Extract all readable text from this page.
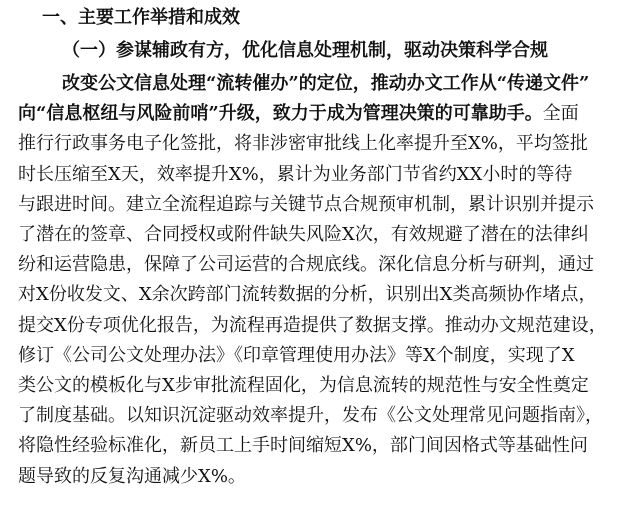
一、主要工作举措和成效
（一）参谋辅政有方，优化信息处理机制，驱动决策科学合规
改变公文信息处理“流转催办”的定位，推动办文工作从“传递文件”
向“信息枢纽与风险前哨”升级，致力于成为管理决策的可靠助手。全面
推行行政事务电子化签批，将非涉密审批线上化率提升至X%，平均签批
时长压缩至X天，效率提升X%，累计为业务部门节省约XX小时的等待
与跟进时间。建立全流程追踪与关键节点合规预审机制，累计识别并提示
了潜在的签章、合同授权或附件缺失风险X次，有效规避了潜在的法律纠
纷和运营隐患，保障了公司运营的合规底线。深化信息分析与研判，通过
对X份收发文、X余次跨部门流转数据的分析，识别出X类高频协作堵点，
提交X份专项优化报告，为流程再造提供了数据支撑。推动办文规范建设，
修订《公司公文处理办法》《印章管理使用办法》等X个制度，实现了X
类公文的模板化与X步审批流程固化，为信息流转的规范性与安全性奠定
了制度基础。以知识沉淀驱动效率提升，发布《公文处理常见问题指南》，
将隐性经验标准化，新员工上手时间缩短X%，部门间因格式等基础性问
题导致的反复沟通减少X%。
